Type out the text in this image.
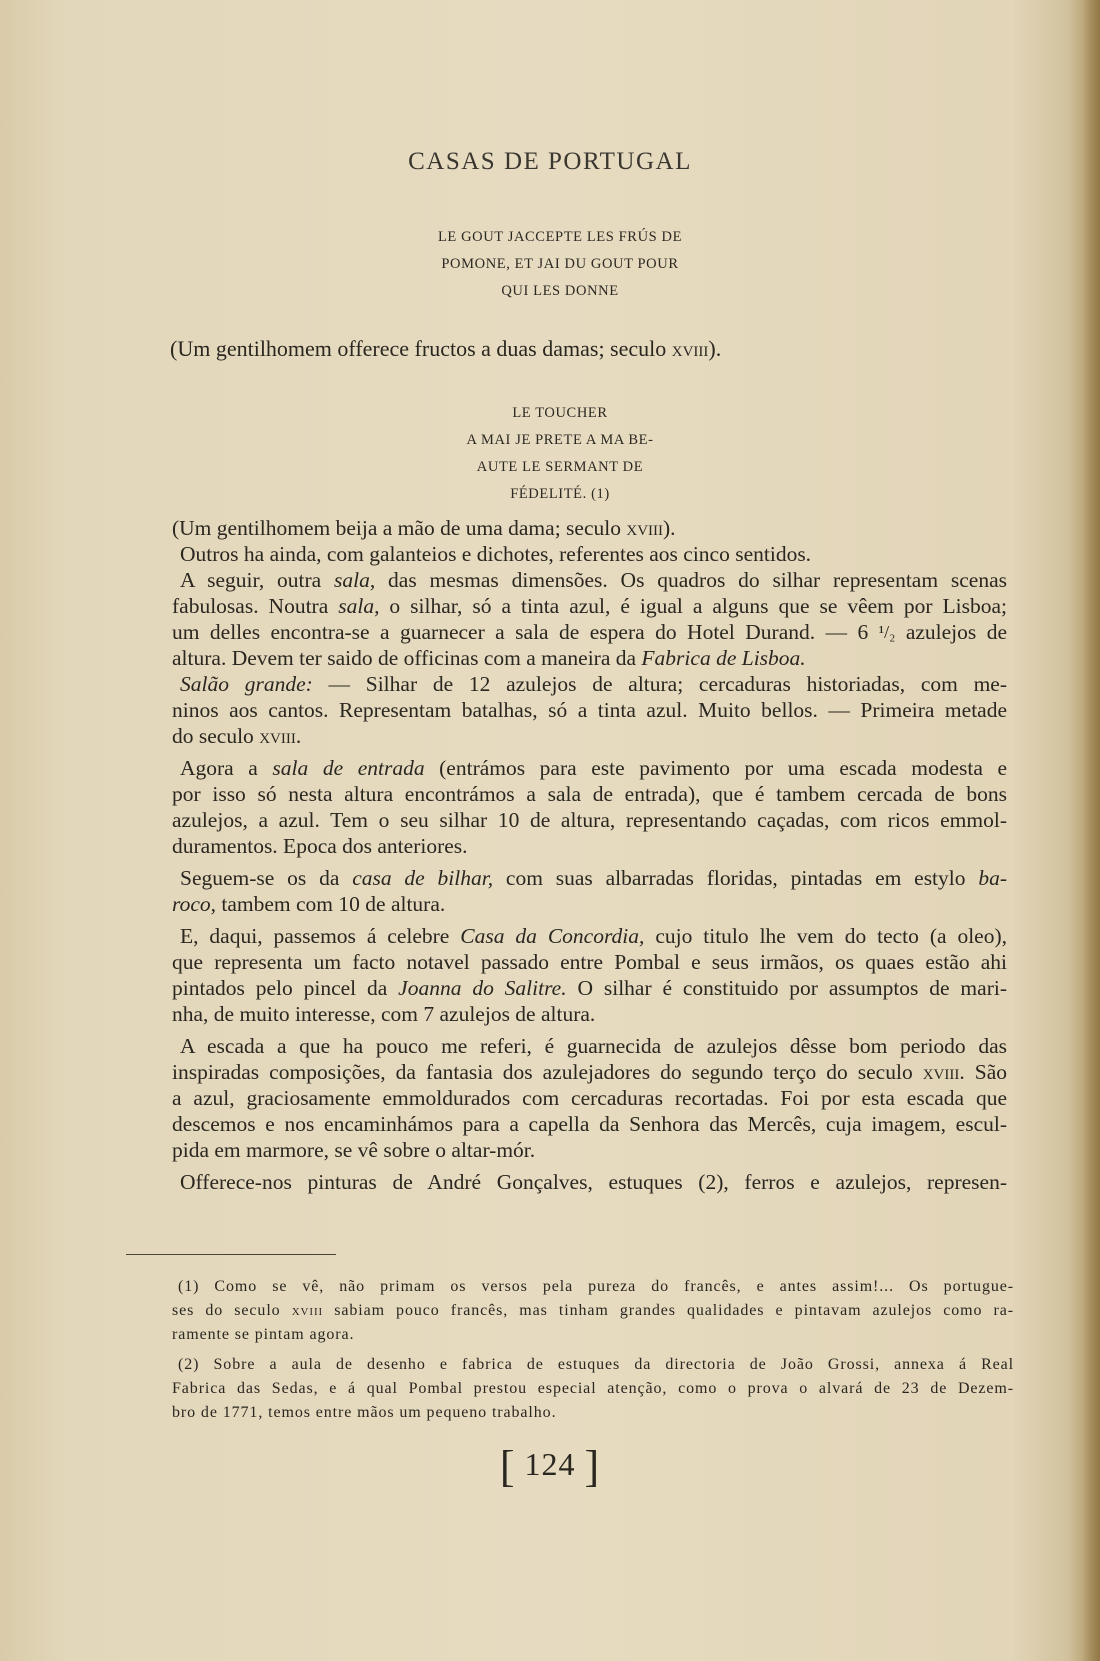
CASAS DE PORTUGAL
LE GOUT JACCEPTE LES FRÚS DE
POMONE, ET JAI DU GOUT POUR
QUI LES DONNE
(Um gentilhomem offerece fructos a duas damas; seculo xviii).
LE TOUCHER
A MAI JE PRETE A MA BE-
AUTE LE SERMANT DE
FÉDELITÉ. (1)
(Um gentilhomem beija a mão de uma dama; seculo xviii).
Outros ha ainda, com galanteios e dichotes, referentes aos cinco sentidos.
A seguir, outra sala, das mesmas dimensões. Os quadros do silhar representam scenas
fabulosas. Noutra sala, o silhar, só a tinta azul, é igual a alguns que se vêem por Lisboa;
um delles encontra-se a guarnecer a sala de espera do Hotel Durand. — 6 ¹/₂ azulejos de
altura. Devem ter saido de officinas com a maneira da Fabrica de Lisboa.
Salão grande: — Silhar de 12 azulejos de altura; cercaduras historiadas, com me-
ninos aos cantos. Representam batalhas, só a tinta azul. Muito bellos. — Primeira metade
do seculo xviii.
Agora a sala de entrada (entrámos para este pavimento por uma escada modesta e
por isso só nesta altura encontrámos a sala de entrada), que é tambem cercada de bons
azulejos, a azul. Tem o seu silhar 10 de altura, representando caçadas, com ricos emmol-
duramentos. Epoca dos anteriores.
Seguem-se os da casa de bilhar, com suas albarradas floridas, pintadas em estylo ba-
roco, tambem com 10 de altura.
E, daqui, passemos á celebre Casa da Concordia, cujo titulo lhe vem do tecto (a oleo),
que representa um facto notavel passado entre Pombal e seus irmãos, os quaes estão ahi
pintados pelo pincel da Joanna do Salitre. O silhar é constituido por assumptos de mari-
nha, de muito interesse, com 7 azulejos de altura.
A escada a que ha pouco me referi, é guarnecida de azulejos dêsse bom periodo das
inspiradas composições, da fantasia dos azulejadores do segundo terço do seculo xviii. São
a azul, graciosamente emmoldurados com cercaduras recortadas. Foi por esta escada que
descemos e nos encaminhámos para a capella da Senhora das Mercês, cuja imagem, escul-
pida em marmore, se vê sobre o altar-mór.
Offerece-nos pinturas de André Gonçalves, estuques (2), ferros e azulejos, represen-
(1) Como se vê, não primam os versos pela pureza do francês, e antes assim!... Os portugue-
ses do seculo xviii sabiam pouco francês, mas tinham grandes qualidades e pintavam azulejos como ra-
ramente se pintam agora.
(2) Sobre a aula de desenho e fabrica de estuques da directoria de João Grossi, annexa á Real
Fabrica das Sedas, e á qual Pombal prestou especial atenção, como o prova o alvará de 23 de Dezem-
bro de 1771, temos entre mãos um pequeno trabalho.
[ 124 ]
